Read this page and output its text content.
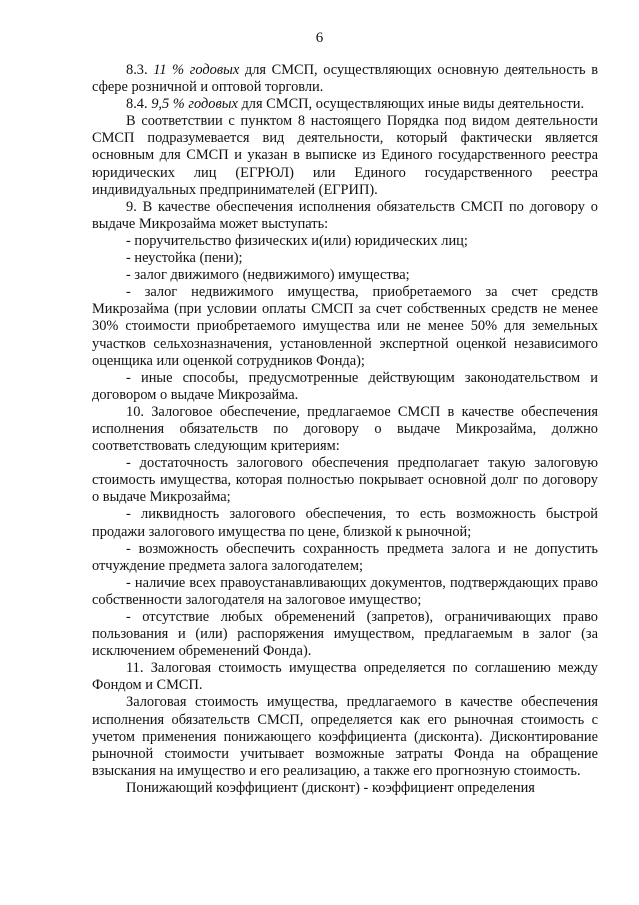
6

8.3. 11 % годовых для СМСП, осуществляющих основную деятельность в сфере розничной и оптовой торговли.

8.4. 9,5 % годовых для СМСП, осуществляющих иные виды деятельности.

В соответствии с пунктом 8 настоящего Порядка под видом деятельности СМСП подразумевается вид деятельности, который фактически является основным для СМСП и указан в выписке из Единого государственного реестра юридических лиц (ЕГРЮЛ) или Единого государственного реестра индивидуальных предпринимателей (ЕГРИП).

9. В качестве обеспечения исполнения обязательств СМСП по договору о выдаче Микрозайма может выступать:

- поручительство физических и(или) юридических лиц;

- неустойка (пени);

- залог движимого (недвижимого) имущества;

- залог недвижимого имущества, приобретаемого за счет средств Микрозайма (при условии оплаты СМСП за счет собственных средств не менее 30% стоимости приобретаемого имущества или не менее 50% для земельных участков сельхозназначения, установленной экспертной оценкой независимого оценщика или оценкой сотрудников Фонда);

- иные способы, предусмотренные действующим законодательством и договором о выдаче Микрозайма.

10. Залоговое обеспечение, предлагаемое СМСП в качестве обеспечения исполнения обязательств по договору о выдаче Микрозайма, должно соответствовать следующим критериям:

- достаточность залогового обеспечения предполагает такую залоговую стоимость имущества, которая полностью покрывает основной долг по договору о выдаче Микрозайма;

- ликвидность залогового обеспечения, то есть возможность быстрой продажи залогового имущества по цене, близкой к рыночной;

- возможность обеспечить сохранность предмета залога и не допустить отчуждение предмета залога залогодателем;

- наличие всех правоустанавливающих документов, подтверждающих право собственности залогодателя на залоговое имущество;

- отсутствие любых обременений (запретов), ограничивающих право пользования и (или) распоряжения имуществом, предлагаемым в залог (за исключением обременений Фонда).

11. Залоговая стоимость имущества определяется по соглашению между Фондом и СМСП.

Залоговая стоимость имущества, предлагаемого в качестве обеспечения исполнения обязательств СМСП, определяется как его рыночная стоимость с учетом применения понижающего коэффициента (дисконта). Дисконтирование рыночной стоимости учитывает возможные затраты Фонда на обращение взыскания на имущество и его реализацию, а также его прогнозную стоимость.

Понижающий коэффициент (дисконт) - коэффициент определения
